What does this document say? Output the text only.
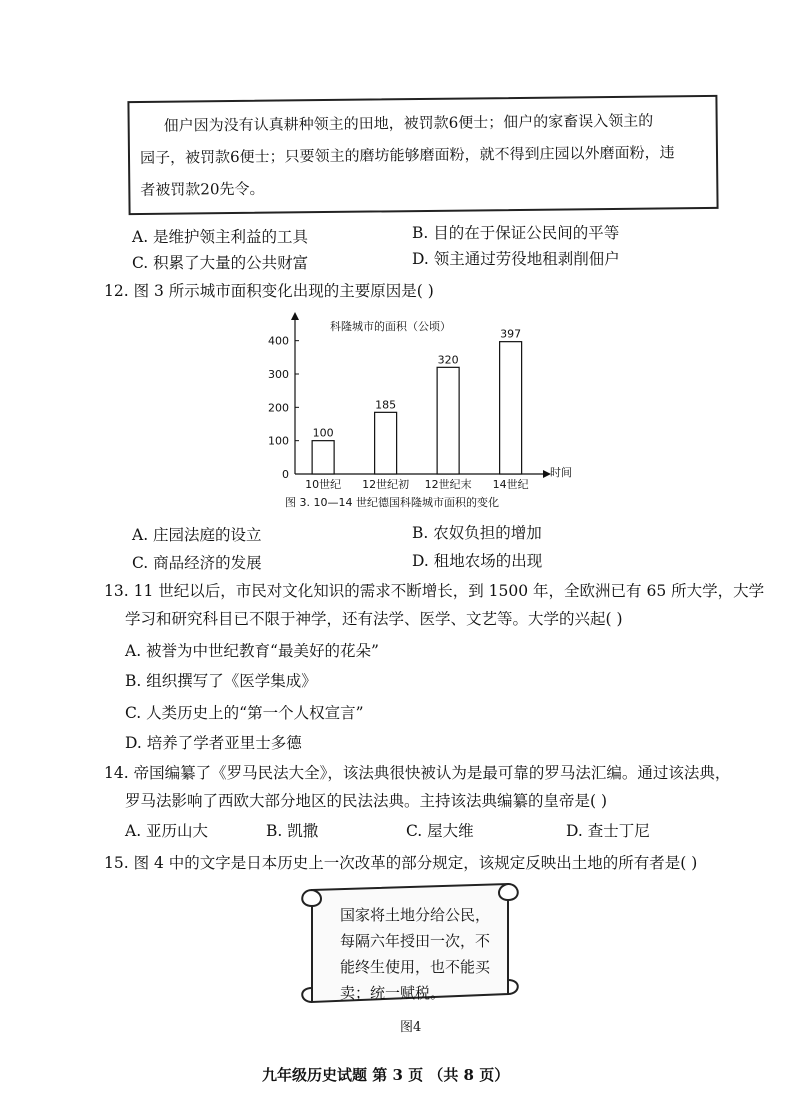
佃户因为没有认真耕种领主的田地，被罚款6便士；佃户的家畜误入领主的
园子，被罚款6便士；只要领主的磨坊能够磨面粉，就不得到庄园以外磨面粉，违
者被罚款20先令。
A. 是维护领主利益的工具	B. 目的在于保证公民间的平等
C. 积累了大量的公共财富	D. 领主通过劳役地租剥削佃户
12. 图 3 所示城市面积变化出现的主要原因是( )
0
100
200
300
400
100
10世纪
185
12世纪初
320
12世纪末
397
14世纪
科隆城市的面积（公顷）
时间
图 3. 10—14 世纪德国科隆城市面积的变化
A. 庄园法庭的设立	B. 农奴负担的增加
C. 商品经济的发展	D. 租地农场的出现
13. 11 世纪以后，市民对文化知识的需求不断增长，到 1500 年，全欧洲已有 65 所大学，大学
学习和研究科目已不限于神学，还有法学、医学、文艺等。大学的兴起( )
A. 被誉为中世纪教育“最美好的花朵”
B. 组织撰写了《医学集成》
C. 人类历史上的“第一个人权宣言”
D. 培养了学者亚里士多德
14. 帝国编纂了《罗马民法大全》，该法典很快被认为是最可靠的罗马法汇编。通过该法典，
罗马法影响了西欧大部分地区的民法法典。主持该法典编纂的皇帝是( )
A. 亚历山大	B. 凯撒	C. 屋大维	D. 查士丁尼
15. 图 4 中的文字是日本历史上一次改革的部分规定，该规定反映出土地的所有者是( )
国家将土地分给公民，
每隔六年授田一次，不
能终生使用，也不能买
卖；统一赋税。
图4
九年级历史试题 第 3 页 （共 8 页）
